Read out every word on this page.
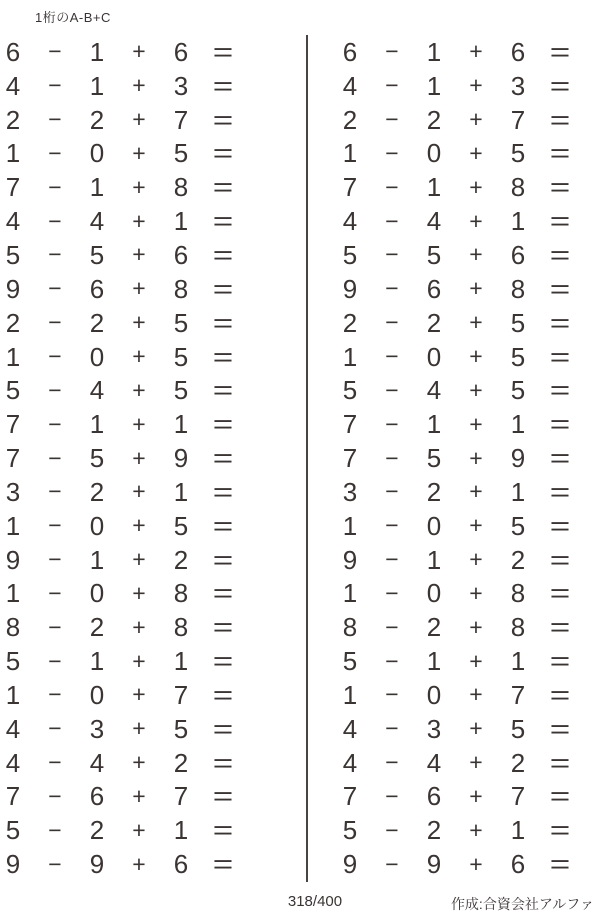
1桁のA-B+C
6 − 1 + 6 =
4 − 1 + 3 =
2 − 2 + 7 =
1 − 0 + 5 =
7 − 1 + 8 =
4 − 4 + 1 =
5 − 5 + 6 =
9 − 6 + 8 =
2 − 2 + 5 =
1 − 0 + 5 =
5 − 4 + 5 =
7 − 1 + 1 =
7 − 5 + 9 =
3 − 2 + 1 =
1 − 0 + 5 =
9 − 1 + 2 =
1 − 0 + 8 =
8 − 2 + 8 =
5 − 1 + 1 =
1 − 0 + 7 =
4 − 3 + 5 =
4 − 4 + 2 =
7 − 6 + 7 =
5 − 2 + 1 =
9 − 9 + 6 =
6 − 1 + 6 =
4 − 1 + 3 =
2 − 2 + 7 =
1 − 0 + 5 =
7 − 1 + 8 =
4 − 4 + 1 =
5 − 5 + 6 =
9 − 6 + 8 =
2 − 2 + 5 =
1 − 0 + 5 =
5 − 4 + 5 =
7 − 1 + 1 =
7 − 5 + 9 =
3 − 2 + 1 =
1 − 0 + 5 =
9 − 1 + 2 =
1 − 0 + 8 =
8 − 2 + 8 =
5 − 1 + 1 =
1 − 0 + 7 =
4 − 3 + 5 =
4 − 4 + 2 =
7 − 6 + 7 =
5 − 2 + 1 =
9 − 9 + 6 =
318/400	作成:合資会社アルファ
